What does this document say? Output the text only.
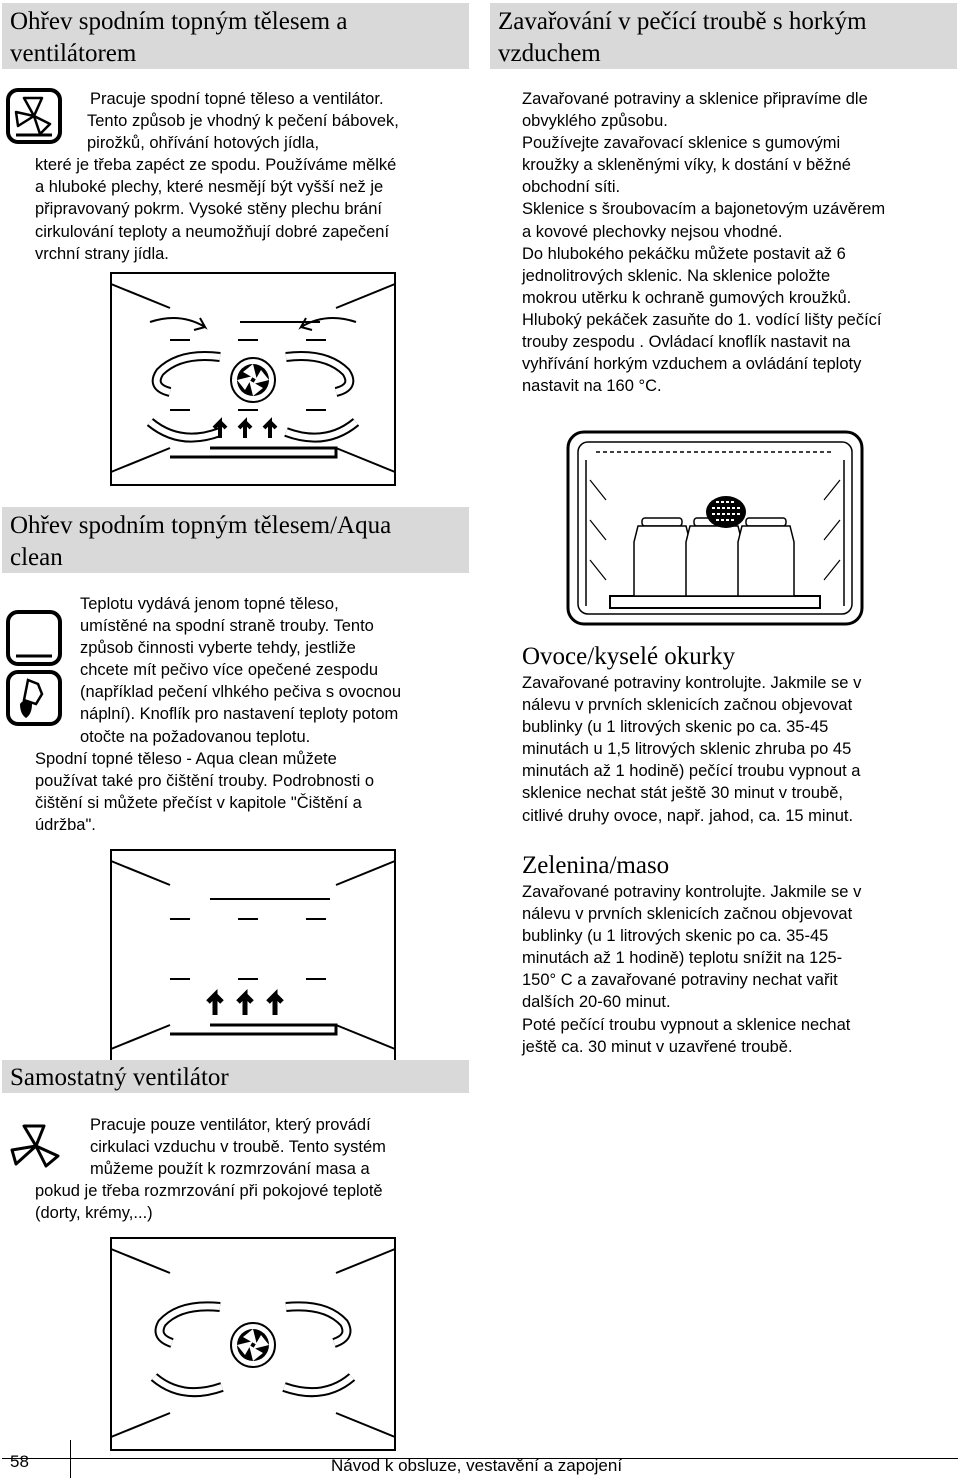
Ohřev spodním topným tělesem a
ventilátorem
Pracuje spodní topné těleso a ventilátor.
Tento způsob je vhodný k pečení bábovek,
pirožků, ohřívání hotových jídla,
které je třeba zapéct ze spodu. Používáme mělké
a hluboké plechy, které nesmějí být vyšší než je
připravovaný pokrm. Vysoké stěny plechu brání
cirkulování teploty a neumožňují dobré zapečení
vrchní strany jídla.
Ohřev spodním topným tělesem/Aqua
clean
Teplotu vydává jenom topné těleso,
umístěné na spodní straně trouby. Tento
způsob činnosti vyberte tehdy, jestliže
chcete mít pečivo více opečené zespodu
(například pečení vlhkého pečiva s ovocnou
náplní). Knoflík pro nastavení teploty potom
otočte na požadovanou teplotu.
Spodní topné těleso - Aqua clean můžete
používat také pro čištění trouby. Podrobnosti o
čištění si můžete přečíst v kapitole "Čištění a
údržba".
Samostatný ventilátor
Pracuje pouze ventilátor, který provádí
cirkulaci vzduchu v troubě. Tento systém
můžeme použít k rozmrzování masa a
pokud je třeba rozmrzování při pokojové teplotě
(dorty, krémy,...)
Zavařování v pečící troubě s horkým
vzduchem
Zavařované potraviny a sklenice připravíme dle
obvyklého způsobu.
Používejte zavařovací sklenice s gumovými
kroužky a skleněnými víky, k dostání v běžné
obchodní síti.
Sklenice s šroubovacím a bajonetovým uzávěrem
a kovové plechovky nejsou vhodné.
Do hlubokého pekáčku můžete postavit až 6
jednolitrových sklenic. Na sklenice položte
mokrou utěrku k ochraně gumových kroužků.
Hluboký pekáček zasuňte do 1. vodící lišty pečící
trouby zespodu . Ovládací knoflík nastavit na
vyhřívání horkým vzduchem a ovládání teploty
nastavit na 160 °C.
Ovoce/kyselé okurky
Zavařované potraviny kontrolujte. Jakmile se v
nálevu v prvních sklenicích začnou objevovat
bublinky (u 1 litrových skenic po ca. 35-45
minutách u 1,5 litrových sklenic zhruba po 45
minutách až 1 hodině) pečící troubu vypnout a
sklenice nechat stát ještě 30 minut v troubě,
citlivé druhy ovoce, např. jahod, ca. 15 minut.
Zelenina/maso
Zavařované potraviny kontrolujte. Jakmile se v
nálevu v prvních sklenicích začnou objevovat
bublinky (u 1 litrových skenic po ca. 35-45
minutách až 1 hodině) teplotu snížit na 125-
150° C a zavařované potraviny nechat vařit
dalších 20-60 minut.
Poté pečící troubu vypnout a sklenice nechat
ještě ca. 30 minut v uzavřené troubě.
58	Návod k obsluze, vestavění a zapojení
